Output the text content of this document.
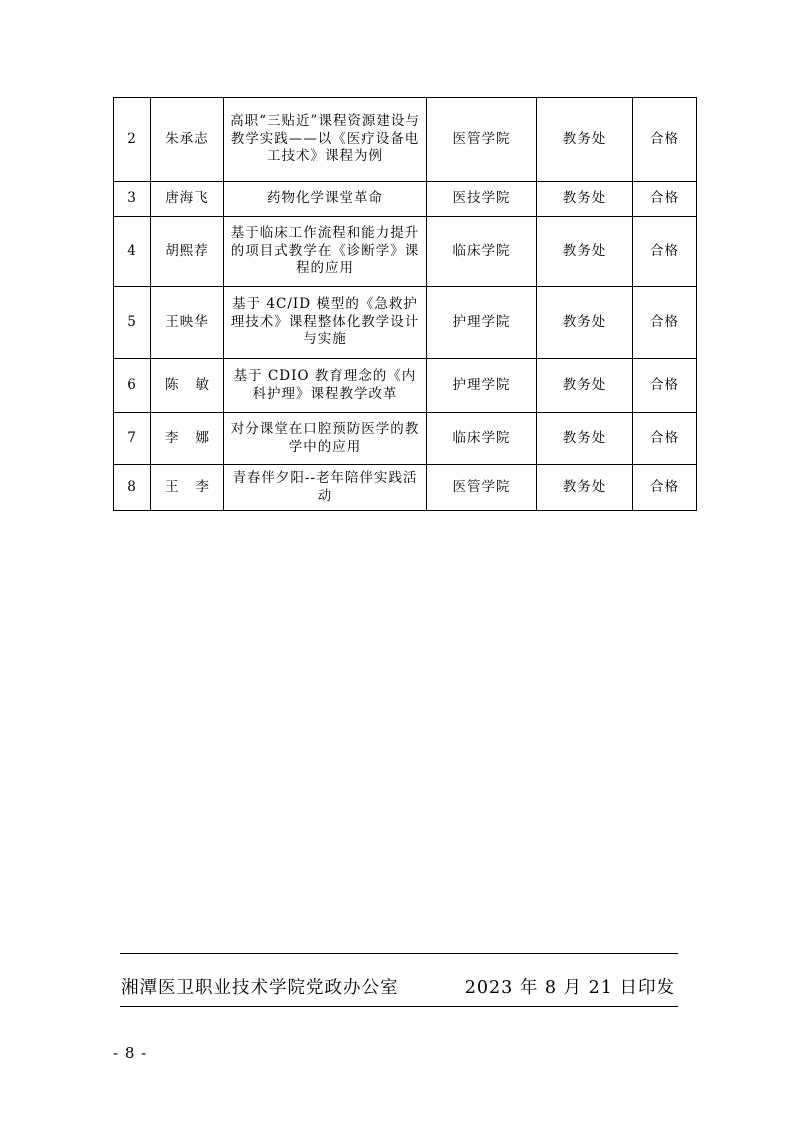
2	朱承志	高职“三贴近”课程资源建设与教学实践——以《医疗设备电工技术》课程为例	医管学院	教务处	合格
3	唐海飞	药物化学课堂革命	医技学院	教务处	合格
4	胡熙荐	基于临床工作流程和能力提升的项目式教学在《诊断学》课程的应用	临床学院	教务处	合格
5	王映华	基于 4C/ID 模型的《急救护理技术》课程整体化教学设计与实施	护理学院	教务处	合格
6	陈敏	基于 CDIO 教育理念的《内科护理》课程教学改革	护理学院	教务处	合格
7	李娜	对分课堂在口腔预防医学的教学中的应用	临床学院	教务处	合格
8	王李	青春伴夕阳--老年陪伴实践活动	医管学院	教务处	合格
湘潭医卫职业技术学院党政办公室	2023 年 8 月 21 日印发
- 8 -
